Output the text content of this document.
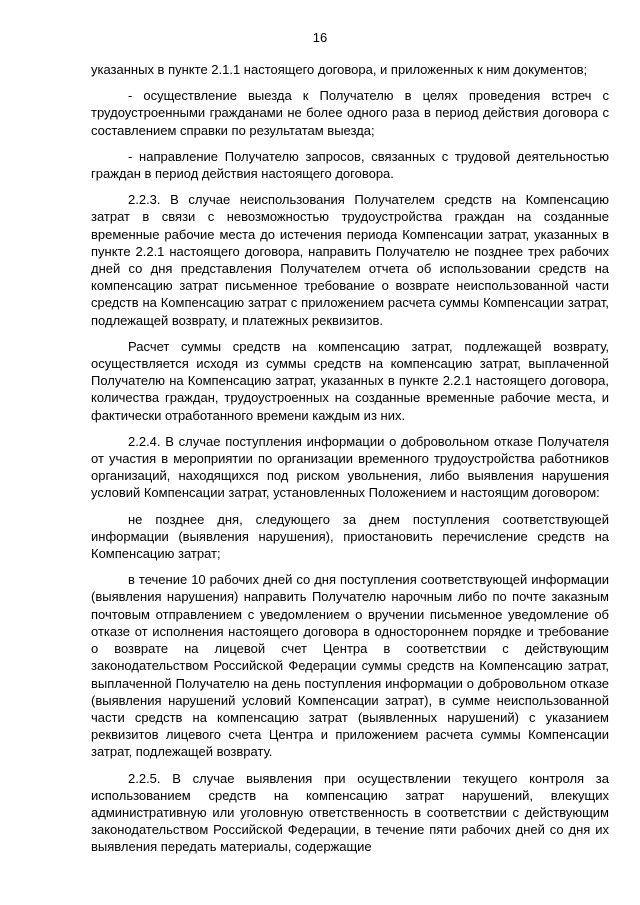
16

указанных в пункте 2.1.1 настоящего договора, и приложенных к ним документов;

- осуществление выезда к Получателю в целях проведения встреч с трудоустроенными гражданами не более одного раза в период действия договора с составлением справки по результатам выезда;

- направление Получателю запросов, связанных с трудовой деятельностью граждан в период действия настоящего договора.

2.2.3. В случае неиспользования Получателем средств на Компенсацию затрат в связи с невозможностью трудоустройства граждан на созданные временные рабочие места до истечения периода Компенсации затрат, указанных в пункте 2.2.1 настоящего договора, направить Получателю не позднее трех рабочих дней со дня представления Получателем отчета об использовании средств на компенсацию затрат письменное требование о возврате неиспользованной части средств на Компенсацию затрат с приложением расчета суммы Компенсации затрат, подлежащей возврату, и платежных реквизитов.

Расчет суммы средств на компенсацию затрат, подлежащей возврату, осуществляется исходя из суммы средств на компенсацию затрат, выплаченной Получателю на Компенсацию затрат, указанных в пункте 2.2.1 настоящего договора, количества граждан, трудоустроенных на созданные временные рабочие места, и фактически отработанного времени каждым из них.

2.2.4. В случае поступления информации о добровольном отказе Получателя от участия в мероприятии по организации временного трудоустройства работников организаций, находящихся под риском увольнения, либо выявления нарушения условий Компенсации затрат, установленных Положением и настоящим договором:

не позднее дня, следующего за днем поступления соответствующей информации (выявления нарушения), приостановить перечисление средств на Компенсацию затрат;

в течение 10 рабочих дней со дня поступления соответствующей информации (выявления нарушения) направить Получателю нарочным либо по почте заказным почтовым отправлением с уведомлением о вручении письменное уведомление об отказе от исполнения настоящего договора в одностороннем порядке и требование о возврате на лицевой счет Центра в соответствии с действующим законодательством Российской Федерации суммы средств на Компенсацию затрат, выплаченной Получателю на день поступления информации о добровольном отказе (выявления нарушений условий Компенсации затрат), в сумме неиспользованной части средств на компенсацию затрат (выявленных нарушений) с указанием реквизитов лицевого счета Центра и приложением расчета суммы Компенсации затрат, подлежащей возврату.

2.2.5. В случае выявления при осуществлении текущего контроля за использованием средств на компенсацию затрат нарушений, влекущих административную или уголовную ответственность в соответствии с действующим законодательством Российской Федерации, в течение пяти рабочих дней со дня их выявления передать материалы, содержащие
